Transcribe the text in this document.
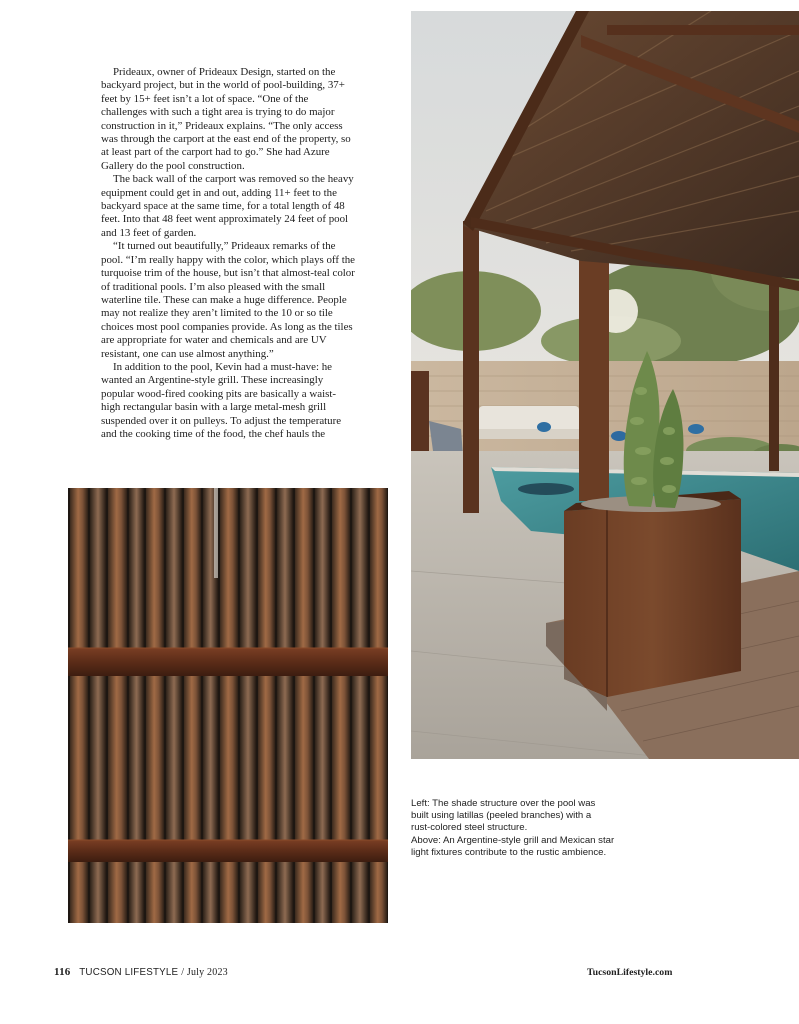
Prideaux, owner of Prideaux Design, started on the backyard project, but in the world of pool-building, 37+ feet by 15+ feet isn’t a lot of space. “One of the challenges with such a tight area is trying to do major construction in it,” Prideaux explains. “The only access was through the carport at the east end of the property, so at least part of the carport had to go.” She had Azure Gallery do the pool construction.

The back wall of the carport was removed so the heavy equipment could get in and out, adding 11+ feet to the backyard space at the same time, for a total length of 48 feet. Into that 48 feet went approximately 24 feet of pool and 13 feet of garden.

“It turned out beautifully,” Prideaux remarks of the pool. “I’m really happy with the color, which plays off the turquoise trim of the house, but isn’t that almost-teal color of traditional pools. I’m also pleased with the small waterline tile. These can make a huge difference. People may not realize they aren’t limited to the 10 or so tile choices most pool companies provide. As long as the tiles are appropriate for water and chemicals and are UV resistant, one can use almost anything.”

In addition to the pool, Kevin had a must-have: he wanted an Argentine-style grill. These increasingly popular wood-fired cooking pits are basically a waist-high rectangular basin with a large metal-mesh grill suspended over it on pulleys. To adjust the temperature and the cooking time of the food, the chef hauls the

Left: The shade structure over the pool was
built using latillas (peeled branches) with a
rust-colored steel structure.
Above: An Argentine-style grill and Mexican star
light fixtures contribute to the rustic ambience.
116 TUCSON LIFESTYLE / July 2023	TucsonLifestyle.com
